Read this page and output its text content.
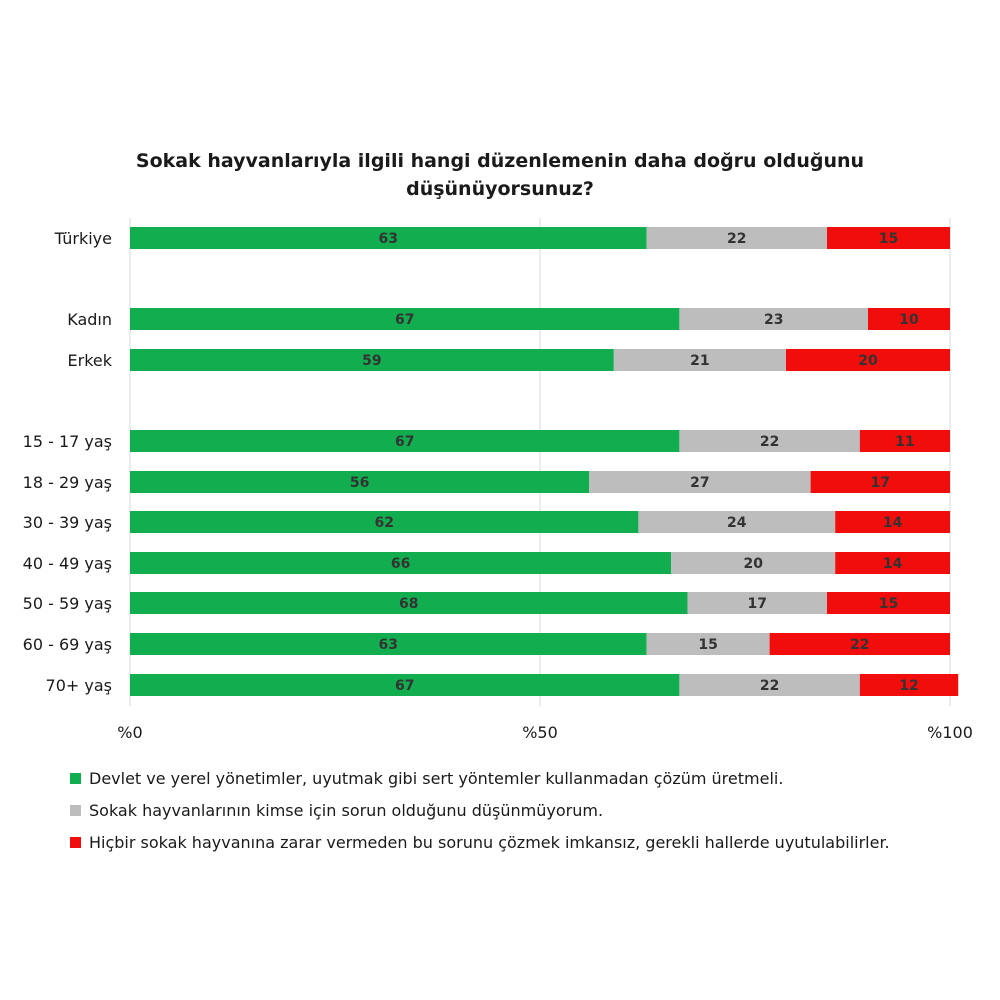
Sokak hayvanlarıyla ilgili hangi düzenlemenin daha doğru olduğunu
düşünüyorsunuz?
63	22	15
Türkiye
67	23	10
Kadın
59	21	20
Erkek
67	22	11
15 - 17 yaş
56	27	17
18 - 29 yaş
62	24	14
30 - 39 yaş
66	20	14
40 - 49 yaş
68	17	15
50 - 59 yaş
63	15	22
60 - 69 yaş
67	22	12
70+ yaş
%0	%50	%100
Devlet ve yerel yönetimler, uyutmak gibi sert yöntemler kullanmadan çözüm üretmeli.
Sokak hayvanlarının kimse için sorun olduğunu düşünmüyorum.
Hiçbir sokak hayvanına zarar vermeden bu sorunu çözmek imkansız, gerekli hallerde uyutulabilirler.
